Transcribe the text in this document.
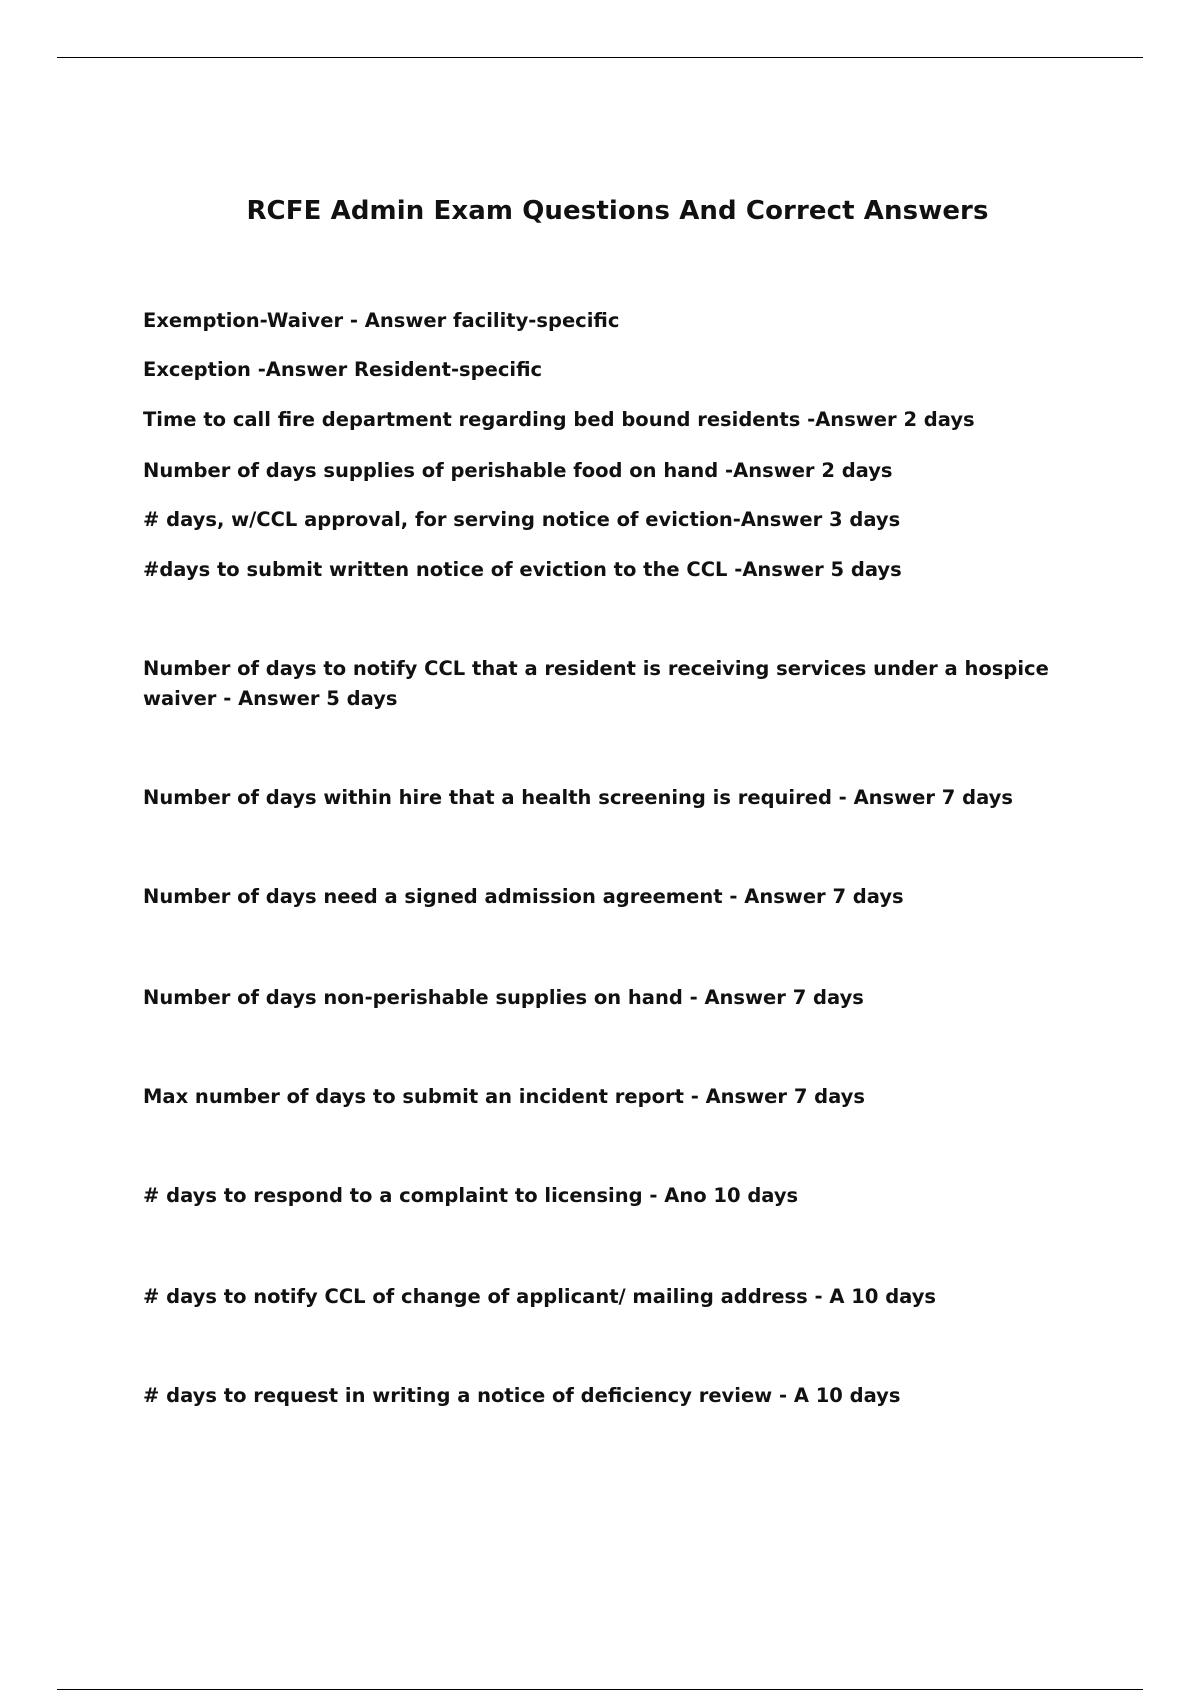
RCFE Admin Exam Questions And Correct Answers

Exemption-Waiver - Answer facility-specific

Exception -Answer Resident-specific

Time to call fire department regarding bed bound residents -Answer 2 days

Number of days supplies of perishable food on hand -Answer 2 days

# days, w/CCL approval, for serving notice of eviction-Answer 3 days

#days to submit written notice of eviction to the CCL -Answer 5 days

Number of days to notify CCL that a resident is receiving services under a hospice waiver - Answer 5 days

Number of days within hire that a health screening is required - Answer 7 days

Number of days need a signed admission agreement - Answer 7 days

Number of days non-perishable supplies on hand - Answer 7 days

Max number of days to submit an incident report - Answer 7 days

# days to respond to a complaint to licensing - Ano 10 days

# days to notify CCL of change of applicant/ mailing address - A 10 days

# days to request in writing a notice of deficiency review - A 10 days
